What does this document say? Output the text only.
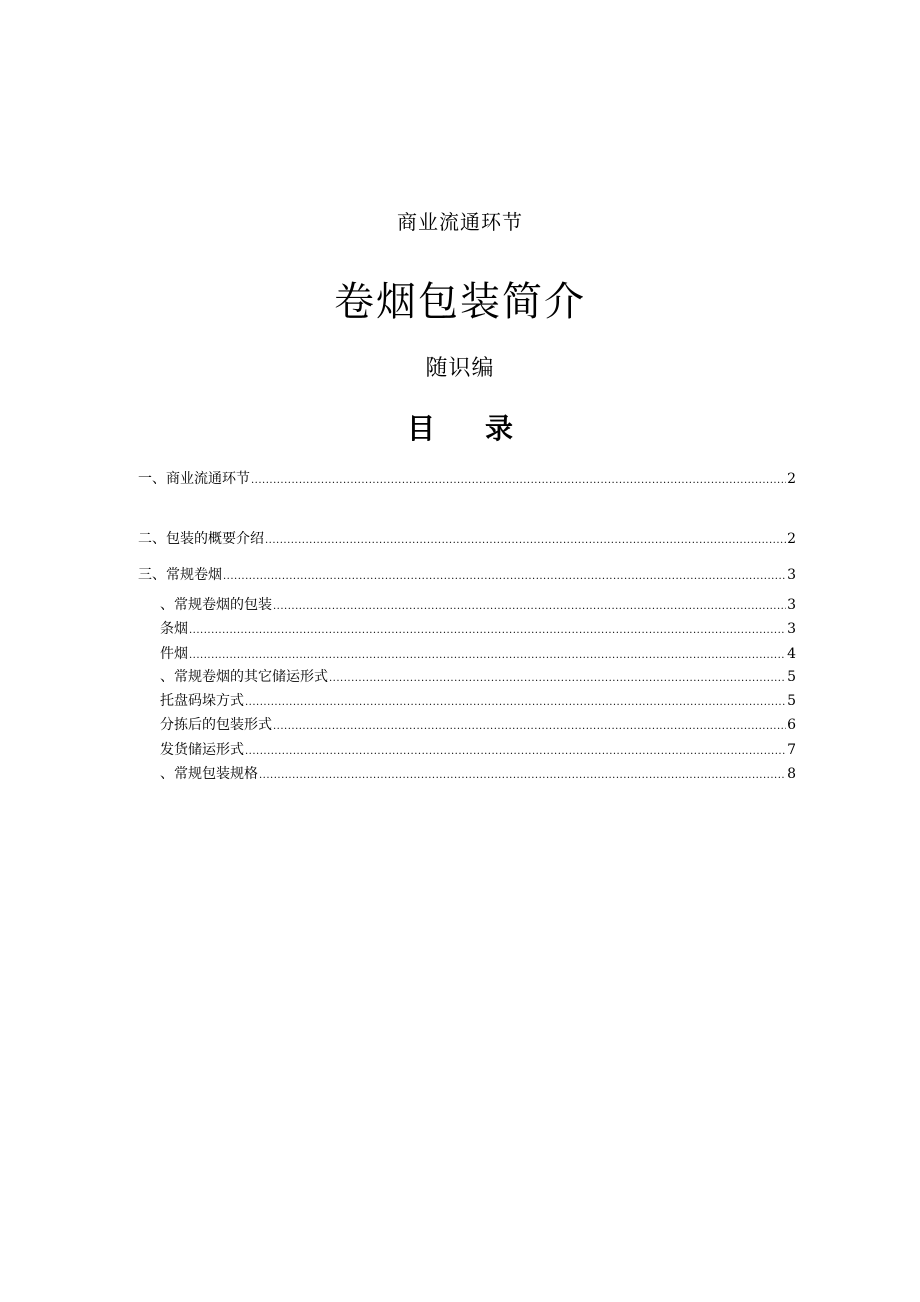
商业流通环节
卷烟包装简介
随识编
目 录
一、商业流通环节 .....	2
二、包装的概要介绍 .....	2
三、常规卷烟 .....	3
、常规卷烟的包装 .....	3
条烟 .....	3
件烟 .....	4
、常规卷烟的其它储运形式 .....	5
托盘码垛方式 .....	5
分拣后的包装形式 .....	6
发货储运形式 .....	7
、常规包装规格 .....	8
